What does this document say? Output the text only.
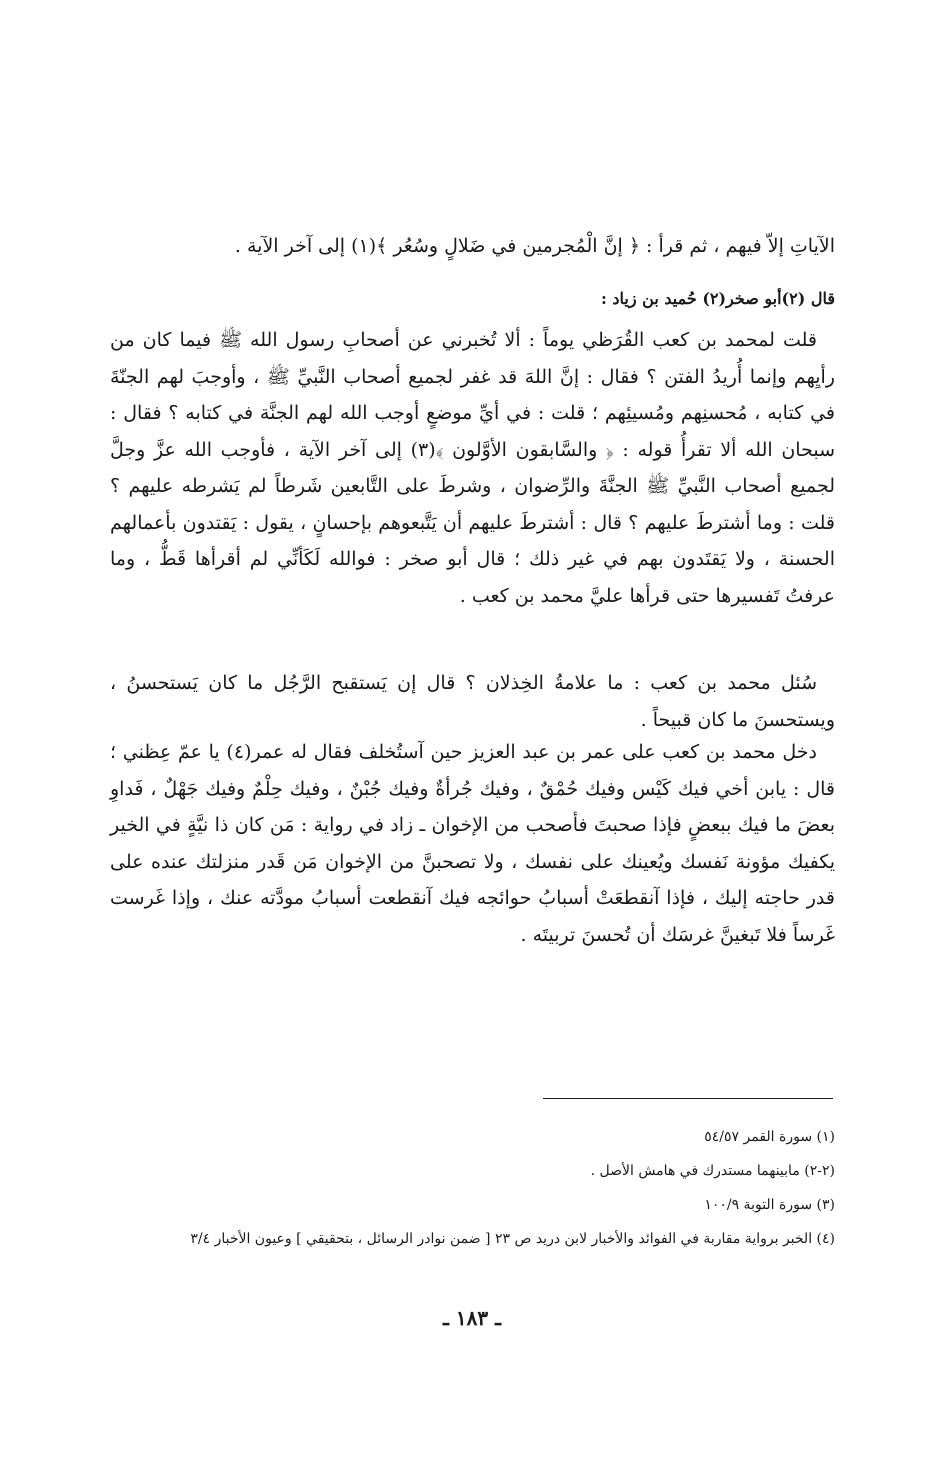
الآياتِ إلاّ فيهم ، ثم قرأ : ﴿ إنَّ الْمُجرمين في ضَلالٍ وسُعُر ﴾(١) إلى آخر الآية .

قال (٢)أبو صخر(٢) حُميد بن زياد :

قلت لمحمد بن كعب القُرَظي يوماً : ألا تُخبرني عن أصحابِ رسول الله ﷺ فيما كان من رأيِهم وإنما أُريدُ الفتن ؟ فقال : إنَّ اللهَ قد غفر لجميع أصحاب النَّبيِّ ﷺ ، وأوجبَ لهم الجنّةَ في كتابه ، مُحسنِهم ومُسيئِهم ؛ قلت : في أيِّ موضعٍ أوجب الله لهم الجنَّة في كتابه ؟ فقال : سبحان الله ألا تقرأُ قوله : ﴿ والسَّابقون الأوَّلون ﴾(٣) إلى آخر الآية ، فأوجب الله عزَّ وجلَّ لجميع أصحاب النَّبيِّ ﷺ الجنَّةَ والرِّضوان ، وشرطَ على التَّابعين شَرطاً لم يَشرطه عليهم ؟ قلت : وما أشترطَ عليهم ؟ قال : أشترطَ عليهم أن يَتَّبعوهم بإحسانٍ ، يقول : يَقتدون بأعمالهم الحسنة ، ولا يَقتَدون بهم في غير ذلك ؛ قال أبو صخر : فوالله لَكَأنِّي لم أقرأها قَطُّ ، وما عرفتُ تَفسيرها حتى قرأها عليَّ محمد بن كعب .

سُئل محمد بن كعب : ما علامةُ الخِذلان ؟ قال إن يَستقبح الرَّجُل ما كان يَستحسنُ ، ويستحسنَ ما كان قبيحاً .

دخل محمد بن كعب على عمر بن عبد العزيز حين آستُخلف فقال له عمر(٤) يا عمّ عِظني ؛ قال : يابن أخي فيك كَيْس وفيك حُمْقٌ ، وفيك جُرأةٌ وفيك جُبْنٌ ، وفيك حِلْمٌ وفيك جَهْلٌ ، فَداوِ بعضَ ما فيك ببعضٍ فإذا صحبتَ فأصحب من الإخوان ـ زاد في رواية : مَن كان ذا نيَّةٍ في الخير يكفيك مؤونة نَفسك ويُعينك على نفسك ، ولا تصحبنَّ من الإخوان مَن قَدر منزلتك عنده على قدر حاجته إليك ، فإذا آنقطعَتْ أسبابُ حوائجه فيك آنقطعت أسبابُ مودَّته عنك ، وإذا غَرست غَرساً فلا تَبغينَّ غرسَك أن تُحسنَ تربيتَه .

(١) سورة القمر ٥٤/٥٧
(٢-٢) مابينهما مستدرك في هامش الأصل .
(٣) سورة التوبة ١٠٠/٩
(٤) الخبر برواية مقاربة في الفوائد والأخبار لابن دريد ص ٢٣ [ ضمن نوادر الرسائل ، بتحقيقي ] وعيون الأخبار ٣/٤
ـ ١٨٣ ـ
